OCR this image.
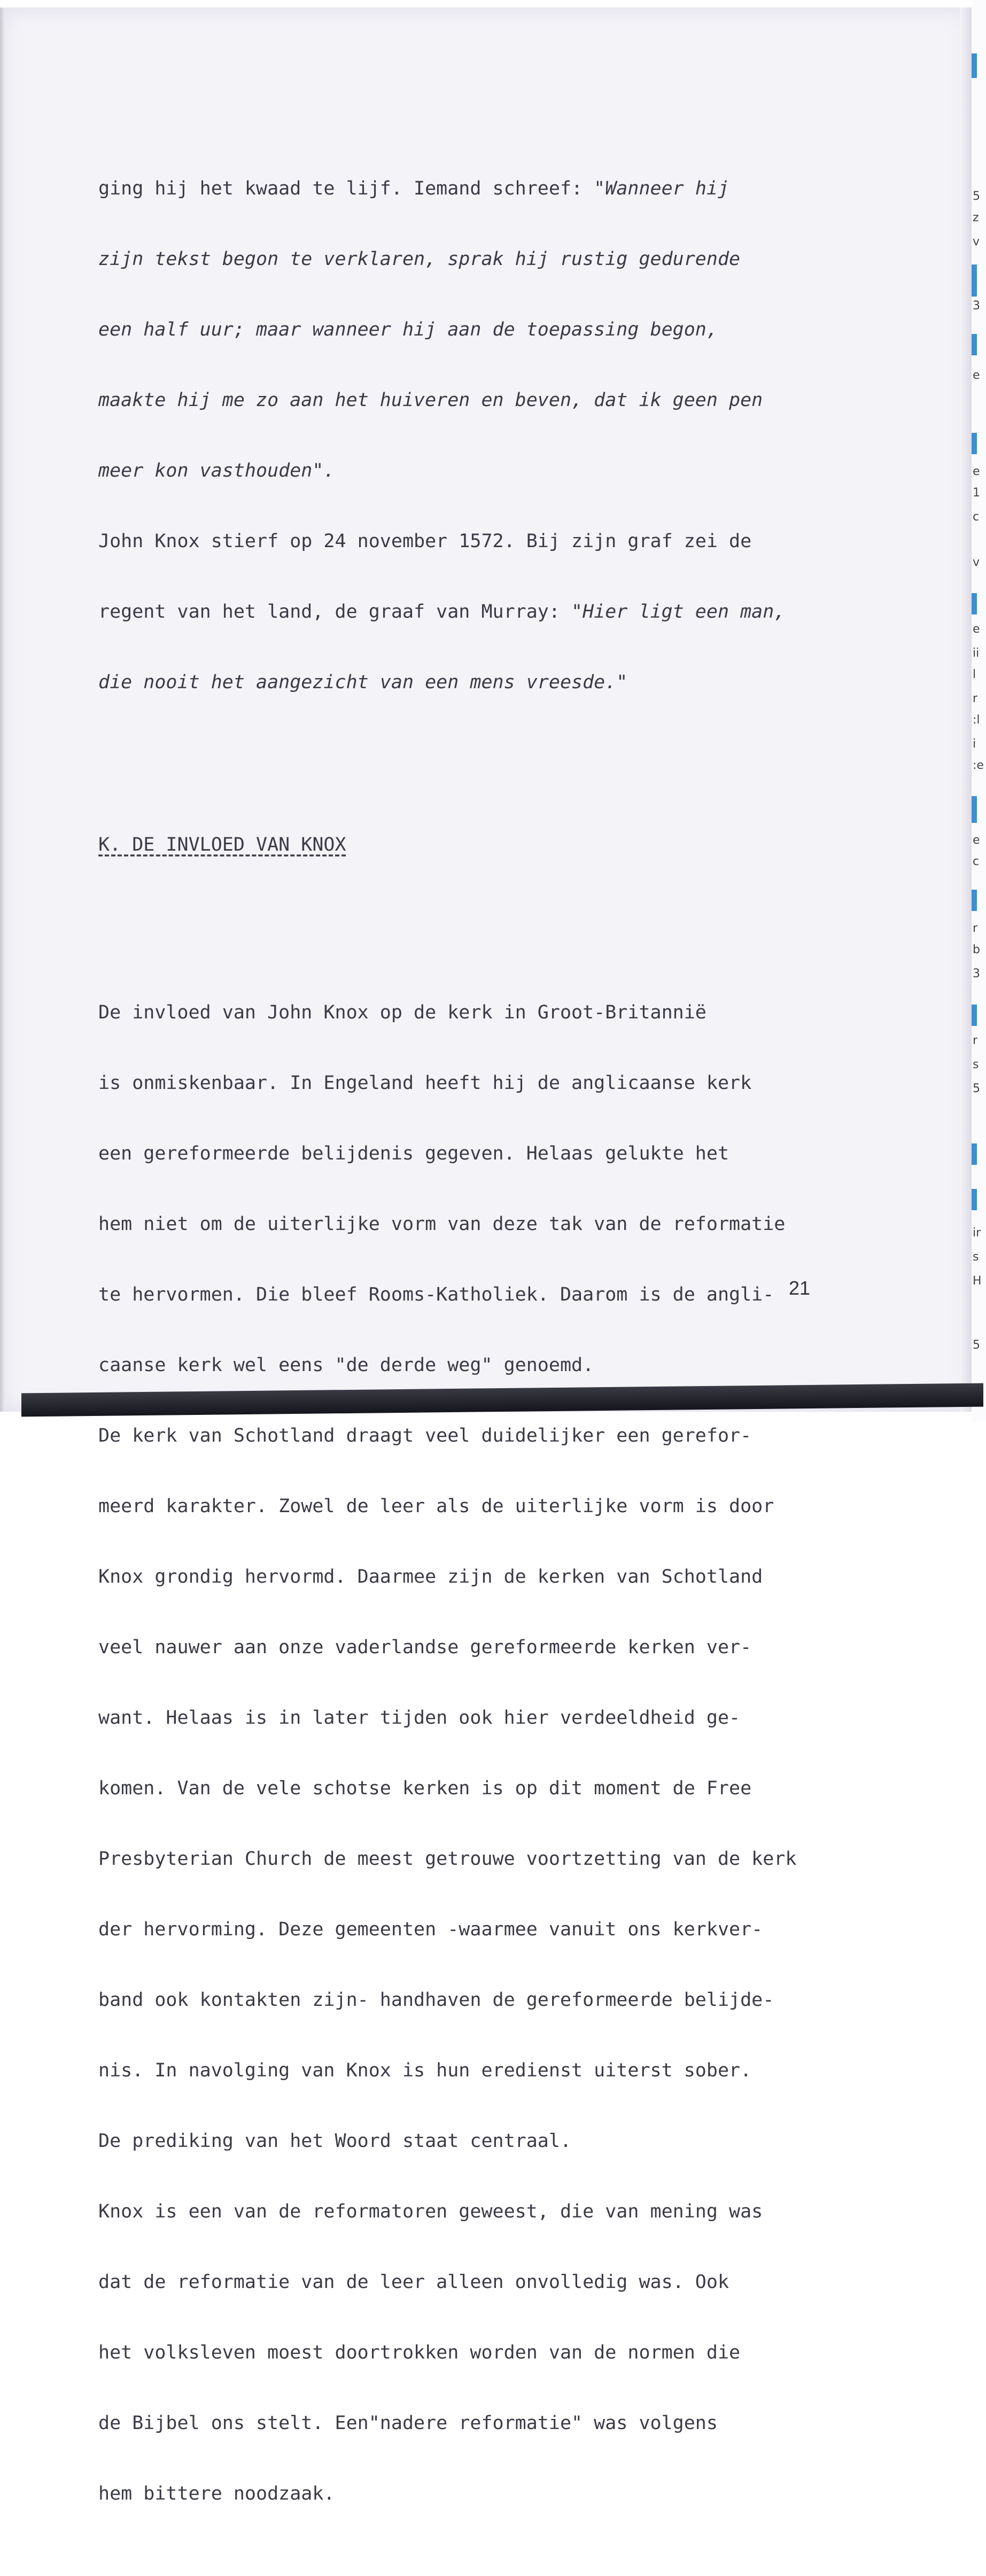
5
z
v
3
e
e
1
c
v
e
ii
l
r
:l
i
:e
e
c
r
b
3
r
s
5
ir
s
H
5

ging hij het kwaad te lijf. Iemand schreef: "Wanneer hij

zijn tekst begon te verklaren, sprak hij rustig gedurende

een half uur; maar wanneer hij aan de toepassing begon,

maakte hij me zo aan het huiveren en beven, dat ik geen pen

meer kon vasthouden".

John Knox stierf op 24 november 1572. Bij zijn graf zei de

regent van het land, de graaf van Murray: "Hier ligt een man,

die nooit het aangezicht van een mens vreesde."

K. DE INVLOED VAN KNOX

De invloed van John Knox op de kerk in Groot-Britannië

is onmiskenbaar. In Engeland heeft hij de anglicaanse kerk

een gereformeerde belijdenis gegeven. Helaas gelukte het

hem niet om de uiterlijke vorm van deze tak van de reformatie

te hervormen. Die bleef Rooms-Katholiek. Daarom is de angli-

caanse kerk wel eens "de derde weg" genoemd.

De kerk van Schotland draagt veel duidelijker een gerefor-

meerd karakter. Zowel de leer als de uiterlijke vorm is door

Knox grondig hervormd. Daarmee zijn de kerken van Schotland

veel nauwer aan onze vaderlandse gereformeerde kerken ver-

want. Helaas is in later tijden ook hier verdeeldheid ge-

komen. Van de vele schotse kerken is op dit moment de Free

Presbyterian Church de meest getrouwe voortzetting van de kerk

der hervorming. Deze gemeenten -waarmee vanuit ons kerkver-

band ook kontakten zijn- handhaven de gereformeerde belijde-

nis. In navolging van Knox is hun eredienst uiterst sober.

De prediking van het Woord staat centraal.

Knox is een van de reformatoren geweest, die van mening was

dat de reformatie van de leer alleen onvolledig was. Ook

het volksleven moest doortrokken worden van de normen die

de Bijbel ons stelt. Een"nadere reformatie" was volgens

hem bittere noodzaak.

21
